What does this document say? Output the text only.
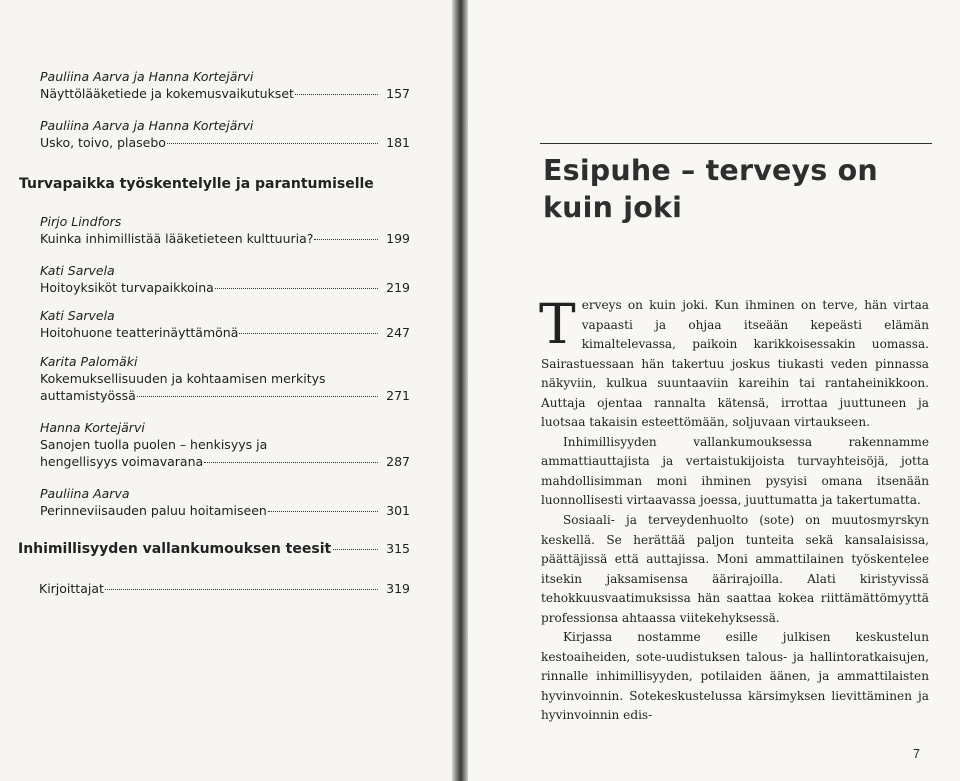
Pauliina Aarva ja Hanna Kortejärvi
Näyttölääketiede ja kokemusvaikutukset	157
Pauliina Aarva ja Hanna Kortejärvi
Usko, toivo, plasebo	181
Turvapaikka työskentelylle ja parantumiselle
Pirjo Lindfors
Kuinka inhimillistää lääketieteen kulttuuria?	199
Kati Sarvela
Hoitoyksiköt turvapaikkoina	219
Kati Sarvela
Hoitohuone teatterinäyttämönä	247
Karita Palomäki
Kokemuksellisuuden ja kohtaamisen merkitys
auttamistyössä	271
Hanna Kortejärvi
Sanojen tuolla puolen – henkisyys ja
hengellisyys voimavarana	287
Pauliina Aarva
Perinneviisauden paluu hoitamiseen	301
Inhimillisyyden vallankumouksen teesit	315
Kirjoittajat	319
Esipuhe – terveys on
kuin joki

Terveys on kuin joki. Kun ihminen on terve, hän virtaa vapaasti ja ohjaa itseään kepeästi elämän kimaltelevassa, paikoin karikkoisessakin uomassa. Sairastuessaan hän takertuu joskus tiukasti veden pinnassa näkyviin, kulkua suuntaaviin kareihin tai rantaheinikkoon. Auttaja ojentaa rannalta kätensä, irrottaa juuttuneen ja luotsaa takaisin esteettömään, soljuvaan virtaukseen.

Inhimillisyyden vallankumouksessa rakennamme ammattiauttajista ja vertaistukijoista turvayhteisöjä, jotta mahdollisimman moni ihminen pysyisi omana itsenään luonnollisesti virtaavassa joessa, juuttumatta ja takertumatta.

Sosiaali- ja terveydenhuolto (sote) on muutosmyrskyn keskellä. Se herättää paljon tunteita sekä kansalaisissa, päättäjissä että auttajissa. Moni ammattilainen työskentelee itsekin jaksamisensa äärirajoilla. Alati kiristyvissä tehokkuusvaatimuksissa hän saattaa kokea riittämättömyyttä professionsa ahtaassa viitekehyksessä.

Kirjassa nostamme esille julkisen keskustelun kestoaiheiden, sote-uudistuksen talous- ja hallintoratkaisujen, rinnalle inhimillisyyden, potilaiden äänen, ja ammattilaisten hyvinvoinnin. Sotekeskustelussa kärsimyksen lievittäminen ja hyvinvoinnin edis-

7
